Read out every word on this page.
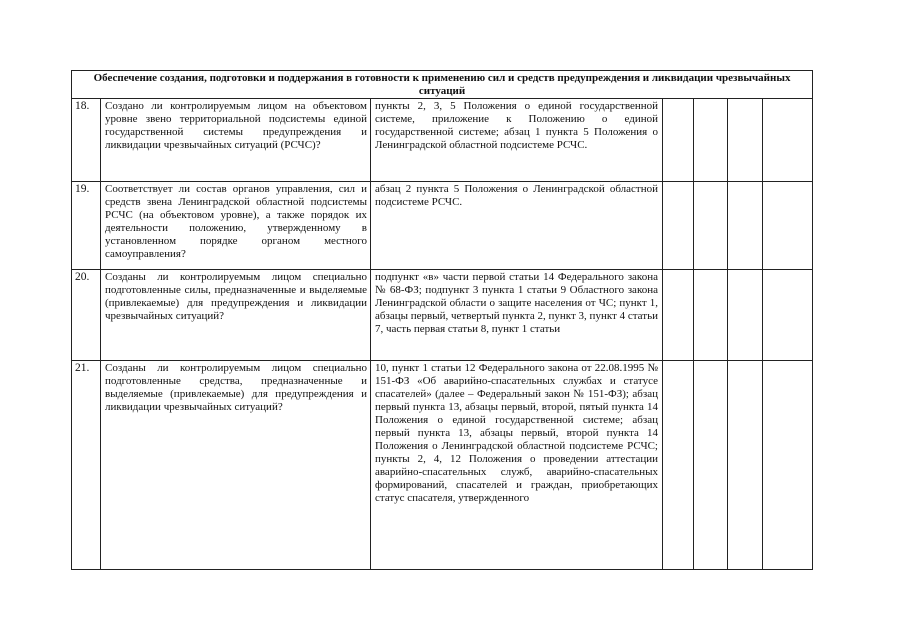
Обеспечение создания, подготовки и поддержания в готовности к применению сил и средств предупреждения и ликвидации чрезвычайных ситуаций						
18.	Создано ли контролируемым лицом на объектовом уровне звено территориальной подсистемы единой государственной системы предупреждения и ликвидации чрезвычайных ситуаций (РСЧС)?	пункты 2, 3, 5 Положения о единой государственной системе, приложение к Положению о единой государственной системе; абзац 1 пункта 5 Положения о Ленинградской областной подсистеме РСЧС.				
19.	Соответствует ли состав органов управления, сил и средств звена Ленинградской областной подсистемы РСЧС (на объектовом уровне), а также порядок их деятельности положению, утвержденному в установленном порядке органом местного самоуправления?	абзац 2 пункта 5 Положения о Ленинградской областной подсистеме РСЧС.				
20.	Созданы ли контролируемым лицом специально подготовленные силы, предназначенные и выделяемые (привлекаемые) для предупреждения и ликвидации чрезвычайных ситуаций?	подпункт «в» части первой статьи 14 Федерального закона № 68-ФЗ; подпункт 3 пункта 1 статьи 9 Областного закона Ленинградской области о защите населения от ЧС; пункт 1, абзацы первый, четвертый пункта 2, пункт 3, пункт 4 статьи 7, часть первая статьи 8, пункт 1 статьи				
21.	Созданы ли контролируемым лицом специально подготовленные средства, предназначенные и выделяемые (привлекаемые) для предупреждения и ликвидации чрезвычайных ситуаций?	10, пункт 1 статьи 12 Федерального закона от 22.08.1995 № 151-ФЗ «Об аварийно-спасательных службах и статусе спасателей» (далее – Федеральный закон № 151-ФЗ); абзац первый пункта 13, абзацы первый, второй, пятый пункта 14 Положения о единой государственной системе; абзац первый пункта 13, абзацы первый, второй пункта 14 Положения о Ленинградской областной подсистеме РСЧС; пункты 2, 4, 12 Положения о проведении аттестации аварийно-спасательных служб, аварийно-спасательных формирований, спасателей и граждан, приобретающих статус спасателя, утвержденного				
